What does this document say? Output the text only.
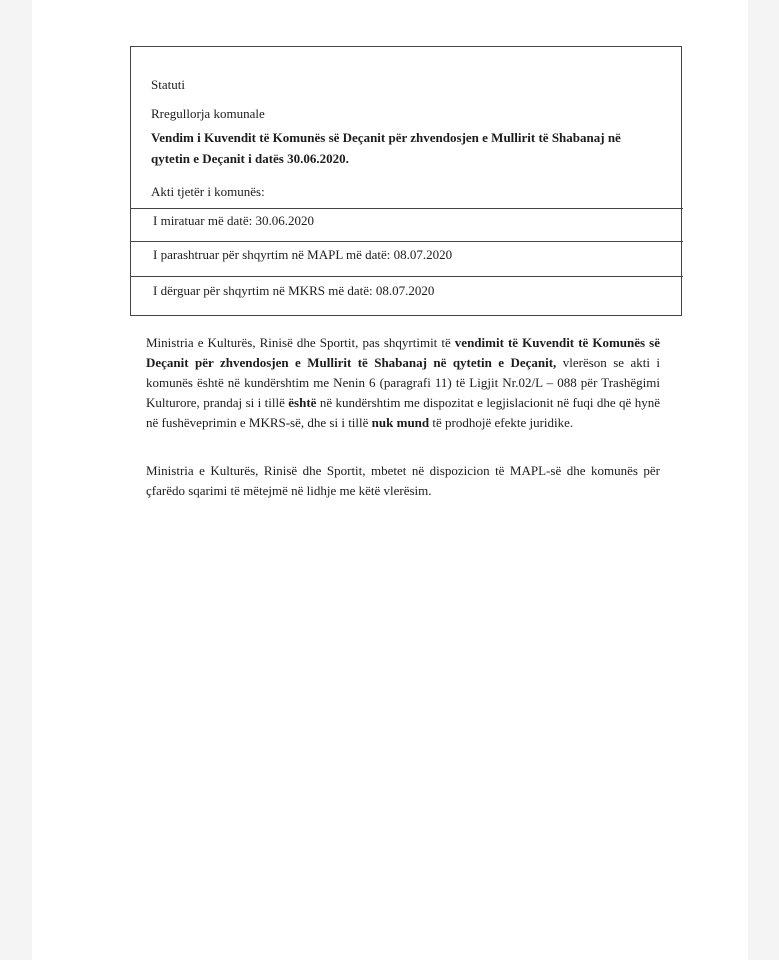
Statuti
Rregullorja komunale
Vendim i Kuvendit të Komunës së Deçanit për zhvendosjen e Mullirit të Shabanaj në
qytetin e Deçanit i datës 30.06.2020.
Akti tjetër i komunës:
I miratuar më datë: 30.06.2020
I parashtruar për shqyrtim në MAPL më datë: 08.07.2020
I dërguar për shqyrtim në MKRS më datë: 08.07.2020
Ministria e Kulturës, Rinisë dhe Sportit, pas shqyrtimit të vendimit të Kuvendit të Komunës së Deçanit për zhvendosjen e Mullirit të Shabanaj në qytetin e Deçanit, vlerëson se akti i komunës është në kundërshtim me Nenin 6 (paragrafi 11) të Ligjit Nr.02/L – 088 për Trashëgimi Kulturore, prandaj si i tillë është në kundërshtim me dispozitat e legjislacionit në fuqi dhe që hynë në fushëveprimin e MKRS-së, dhe si i tillë nuk mund të prodhojë efekte juridike.
Ministria e Kulturës, Rinisë dhe Sportit, mbetet në dispozicion të MAPL-së dhe komunës për çfarëdo sqarimi të mëtejmë në lidhje me këtë vlerësim.
